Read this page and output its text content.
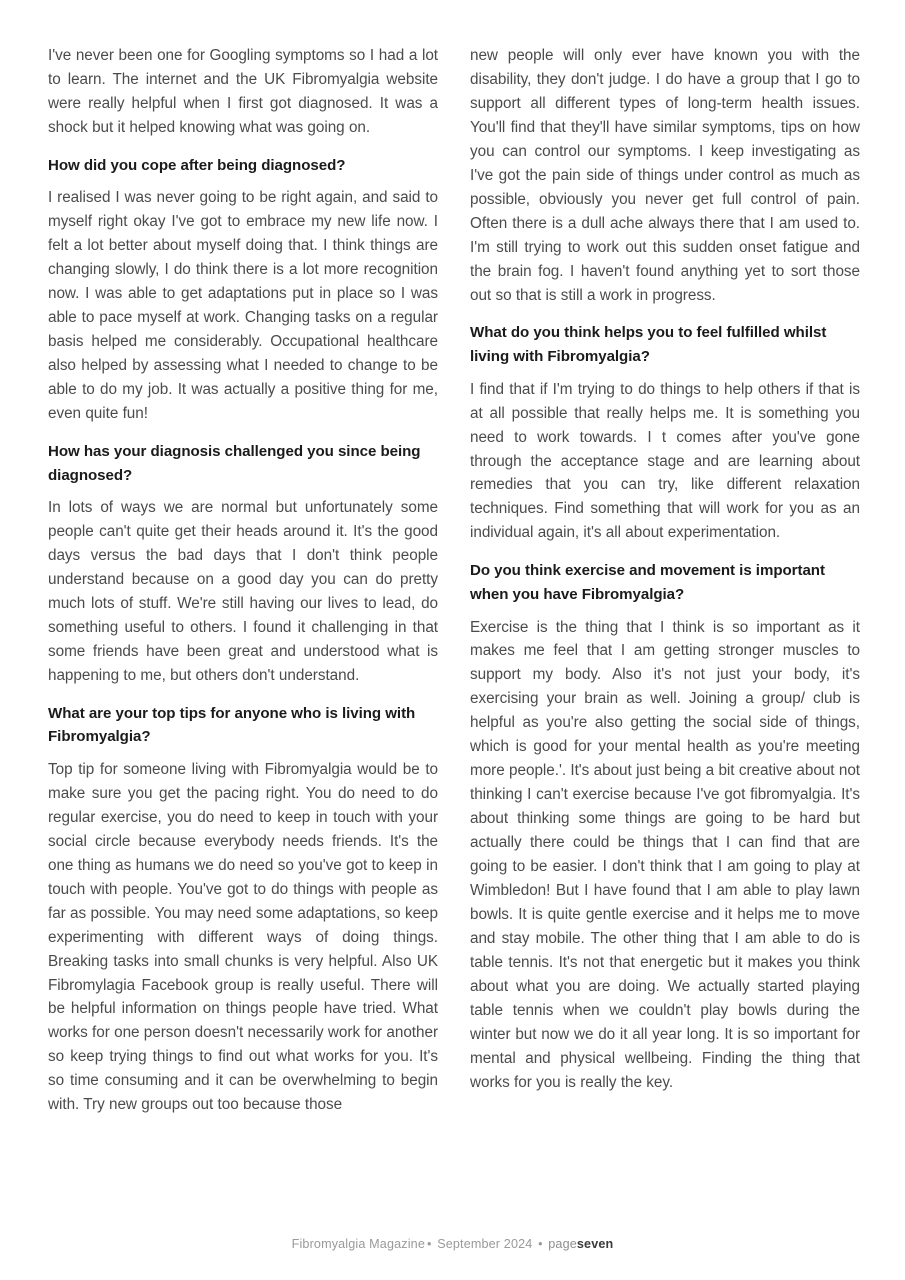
I've never been one for Googling symptoms so I had a lot to learn. The internet and the UK Fibromyalgia website were really helpful when I first got diagnosed. It was a shock but it helped knowing what was going on.

How did you cope after being diagnosed?

I realised I was never going to be right again, and said to myself right okay I've got to embrace my new life now. I felt a lot better about myself doing that. I think things are changing slowly, I do think there is a lot more recognition now. I was able to get adaptations put in place so I was able to pace myself at work. Changing tasks on a regular basis helped me considerably. Occupational healthcare also helped by assessing what I needed to change to be able to do my job. It was actually a positive thing for me, even quite fun!

How has your diagnosis challenged you since being diagnosed?

In lots of ways we are normal but unfortunately some people can't quite get their heads around it. It's the good days versus the bad days that I don't think people understand because on a good day you can do pretty much lots of stuff. We're still having our lives to lead, do something useful to others. I found it challenging in that some friends have been great and understood what is happening to me, but others don't understand.

What are your top tips for anyone who is living with Fibromyalgia?

Top tip for someone living with Fibromyalgia would be to make sure you get the pacing right. You do need to do regular exercise, you do need to keep in touch with your social circle because everybody needs friends. It's the one thing as humans we do need so you've got to keep in touch with people. You've got to do things with people as far as possible. You may need some adaptations, so keep experimenting with different ways of doing things. Breaking tasks into small chunks is very helpful. Also UK Fibromylagia Facebook group is really useful. There will be helpful information on things people have tried. What works for one person doesn't necessarily work for another so keep trying things to find out what works for you. It's so time consuming and it can be overwhelming to begin with. Try new groups out too because those

new people will only ever have known you with the disability, they don't judge. I do have a group that I go to support all different types of long-term health issues. You'll find that they'll have similar symptoms, tips on how you can control our symptoms. I keep investigating as I've got the pain side of things under control as much as possible, obviously you never get full control of pain. Often there is a dull ache always there that I am used to. I'm still trying to work out this sudden onset fatigue and the brain fog. I haven't found anything yet to sort those out so that is still a work in progress.

What do you think helps you to feel fulfilled whilst living with Fibromyalgia?

I find that if I'm trying to do things to help others if that is at all possible that really helps me. It is something you need to work towards. I t comes after you've gone through the acceptance stage and are learning about remedies that you can try, like different relaxation techniques. Find something that will work for you as an individual again, it's all about experimentation.

Do you think exercise and movement is important when you have Fibromyalgia?

Exercise is the thing that I think is so important as it makes me feel that I am getting stronger muscles to support my body. Also it's not just your body, it's exercising your brain as well. Joining a group/ club is helpful as you're also getting the social side of things, which is good for your mental health as you're meeting more people.'. It's about just being a bit creative about not thinking I can't exercise because I've got fibromyalgia. It's about thinking some things are going to be hard but actually there could be things that I can find that are going to be easier. I don't think that I am going to play at Wimbledon! But I have found that I am able to play lawn bowls. It is quite gentle exercise and it helps me to move and stay mobile. The other thing that I am able to do is table tennis. It's not that energetic but it makes you think about what you are doing. We actually started playing table tennis when we couldn't play bowls during the winter but now we do it all year long. It is so important for mental and physical wellbeing. Finding the thing that works for you is really the key.

Fibromyalgia Magazine • September 2024 • pageseven
